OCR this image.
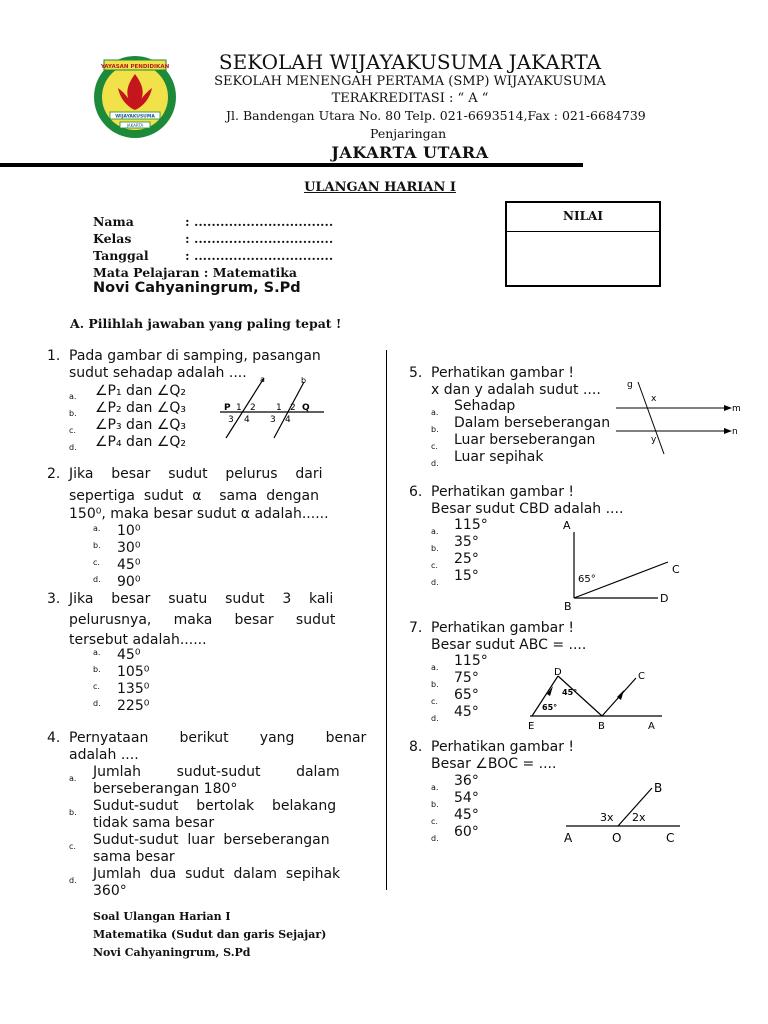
YAYASAN PENDIDIKAN
WIJAYAKUSUMA
JAKARTA
SEKOLAH WIJAYAKUSUMA JAKARTA
SEKOLAH MENENGAH PERTAMA (SMP) WIJAYAKUSUMA
TERAKREDITASI : “ A “
Jl. Bandengan Utara No. 80 Telp. 021-6693514,Fax : 021-6684739
Penjaringan
JAKARTA UTARA
ULANGAN HARIAN I
NILAI
Nama	: ................................
Kelas	: ................................
Tanggal	: ................................
Mata Pelajaran : Matematika
Novi Cahyaningrum, S.Pd
A. Pilihlah jawaban yang paling tepat !
1. Pada gambar di samping, pasangan
sudut sehadap adalah ....
a. ∠P₁ dan ∠Q₂
b. ∠P₂ dan ∠Q₃
c. ∠P₃ dan ∠Q₃
d. ∠P₄ dan ∠Q₂
a	b
P	Q
1 2
3 4
1 2
3 4
2. Jika    besar    sudut    pelurus    dari
sepertiga  sudut  α    sama  dengan
150⁰, maka besar sudut α adalah......
a. 10⁰
b. 30⁰
c. 45⁰
d. 90⁰
3. Jika    besar    suatu    sudut    3    kali
pelurusnya,     maka     besar     sudut
tersebut adalah......
a. 45⁰
b. 105⁰
c. 135⁰
d. 225⁰
4. Pernyataan       berikut       yang       benar
adalah ....
a. Jumlah        sudut-sudut        dalam
berseberangan 180°
b. Sudut-sudut    bertolak    belakang
tidak sama besar
c. Sudut-sudut  luar  berseberangan
sama besar
d. Jumlah  dua  sudut  dalam  sepihak
360°
5. Perhatikan gambar !
x dan y adalah sudut ....
a. Sehadap
b. Dalam berseberangan
c. Luar berseberangan
d. Luar sepihak
g
x
y
m
n
6. Perhatikan gambar !
Besar sudut CBD adalah ....
a. 115°
b. 35°
c. 25°
d. 15°
A
B
C
D
65°
7. Perhatikan gambar !
Besar sudut ABC = ....
a. 115°
b. 75°
c. 65°
d. 45°
D	C
E	B	A
45°
65°
8. Perhatikan gambar !
Besar ∠BOC = ....
a. 36°
b. 54°
c. 45°
d. 60°
B
3x 2x
A	O	C
Soal Ulangan Harian I
Matematika (Sudut dan garis Sejajar)
Novi Cahyaningrum, S.Pd
